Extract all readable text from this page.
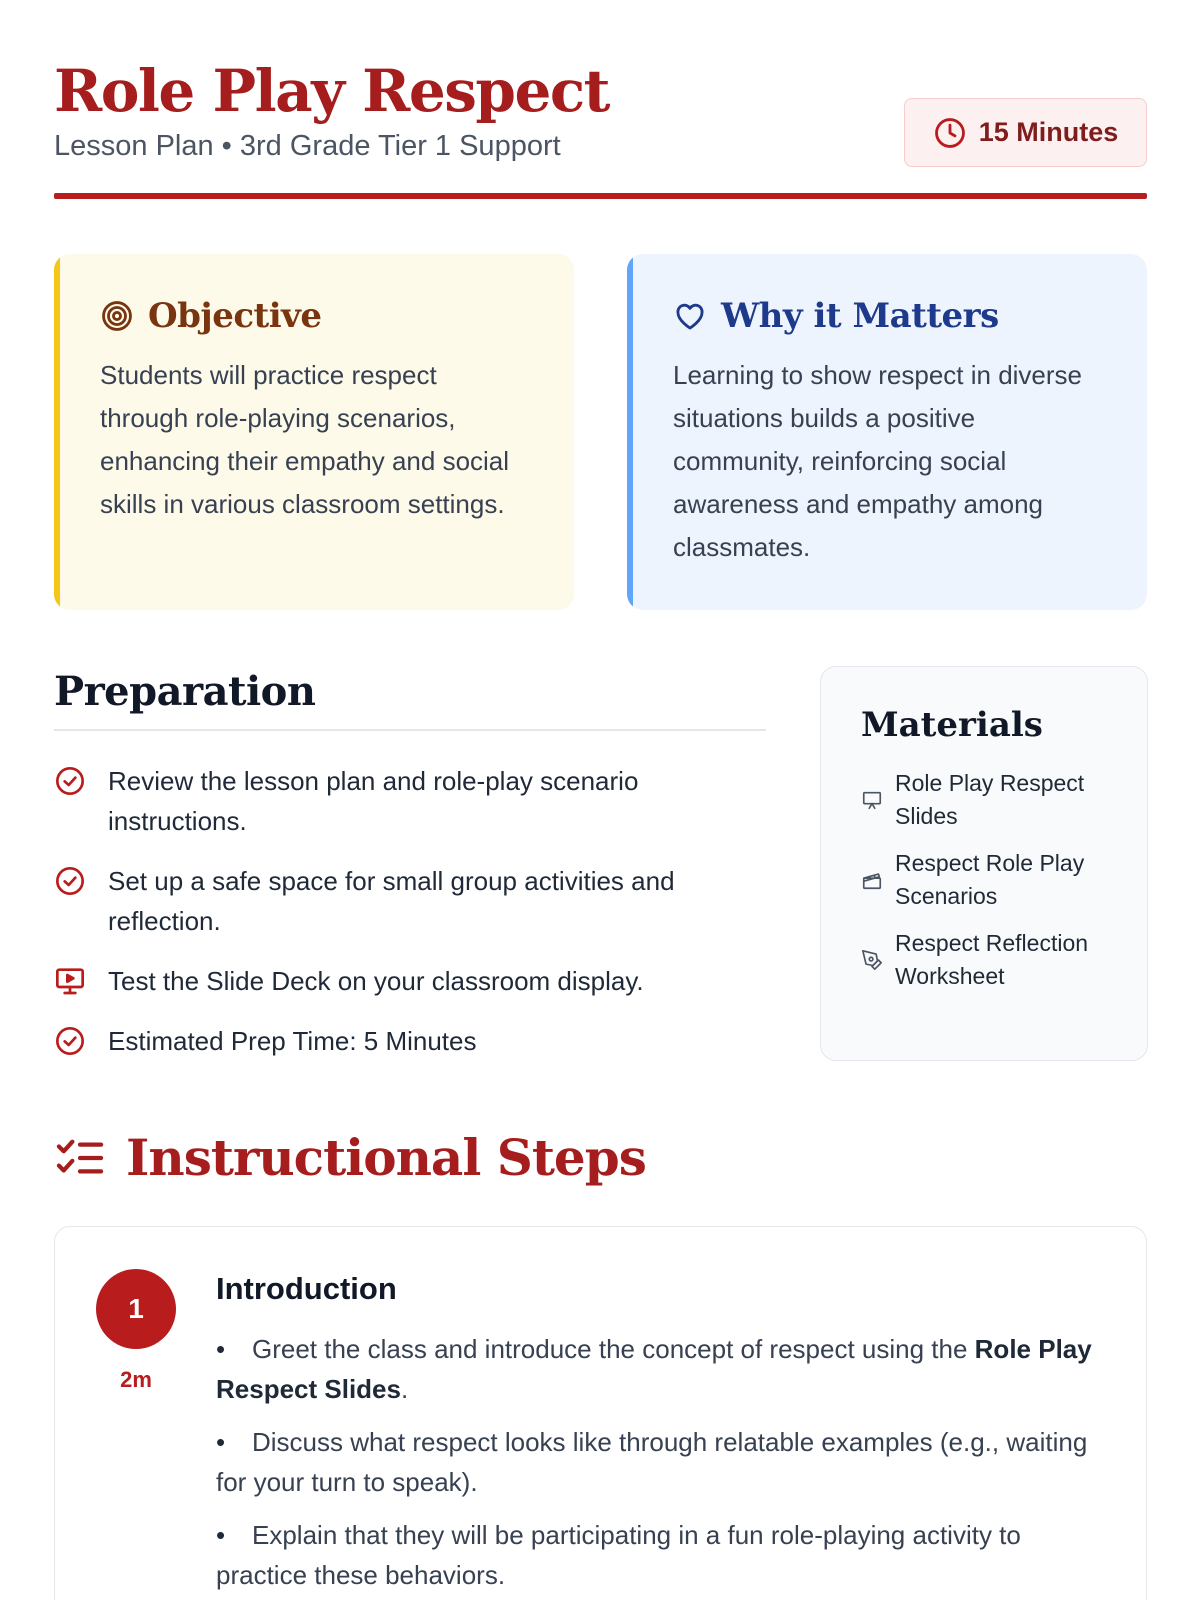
Role Play Respect
Lesson Plan • 3rd Grade Tier 1 Support	15 Minutes
Objective

Students will practice respect through role-playing scenarios, enhancing their empathy and social skills in various classroom settings.

Why it Matters

Learning to show respect in diverse situations builds a positive community, reinforcing social awareness and empathy among classmates.

Preparation
Review the lesson plan and role-play scenario instructions.
Set up a safe space for small group activities and reflection.
Test the Slide Deck on your classroom display.
Estimated Prep Time: 5 Minutes
Materials
Role Play Respect Slides
Respect Role Play Scenarios
Respect Reflection Worksheet
Instructional Steps
1
2m
Introduction
• Greet the class and introduce the concept of respect using the Role Play Respect Slides.
• Discuss what respect looks like through relatable examples (e.g., waiting for your turn to speak).
• Explain that they will be participating in a fun role-playing activity to practice these behaviors.
